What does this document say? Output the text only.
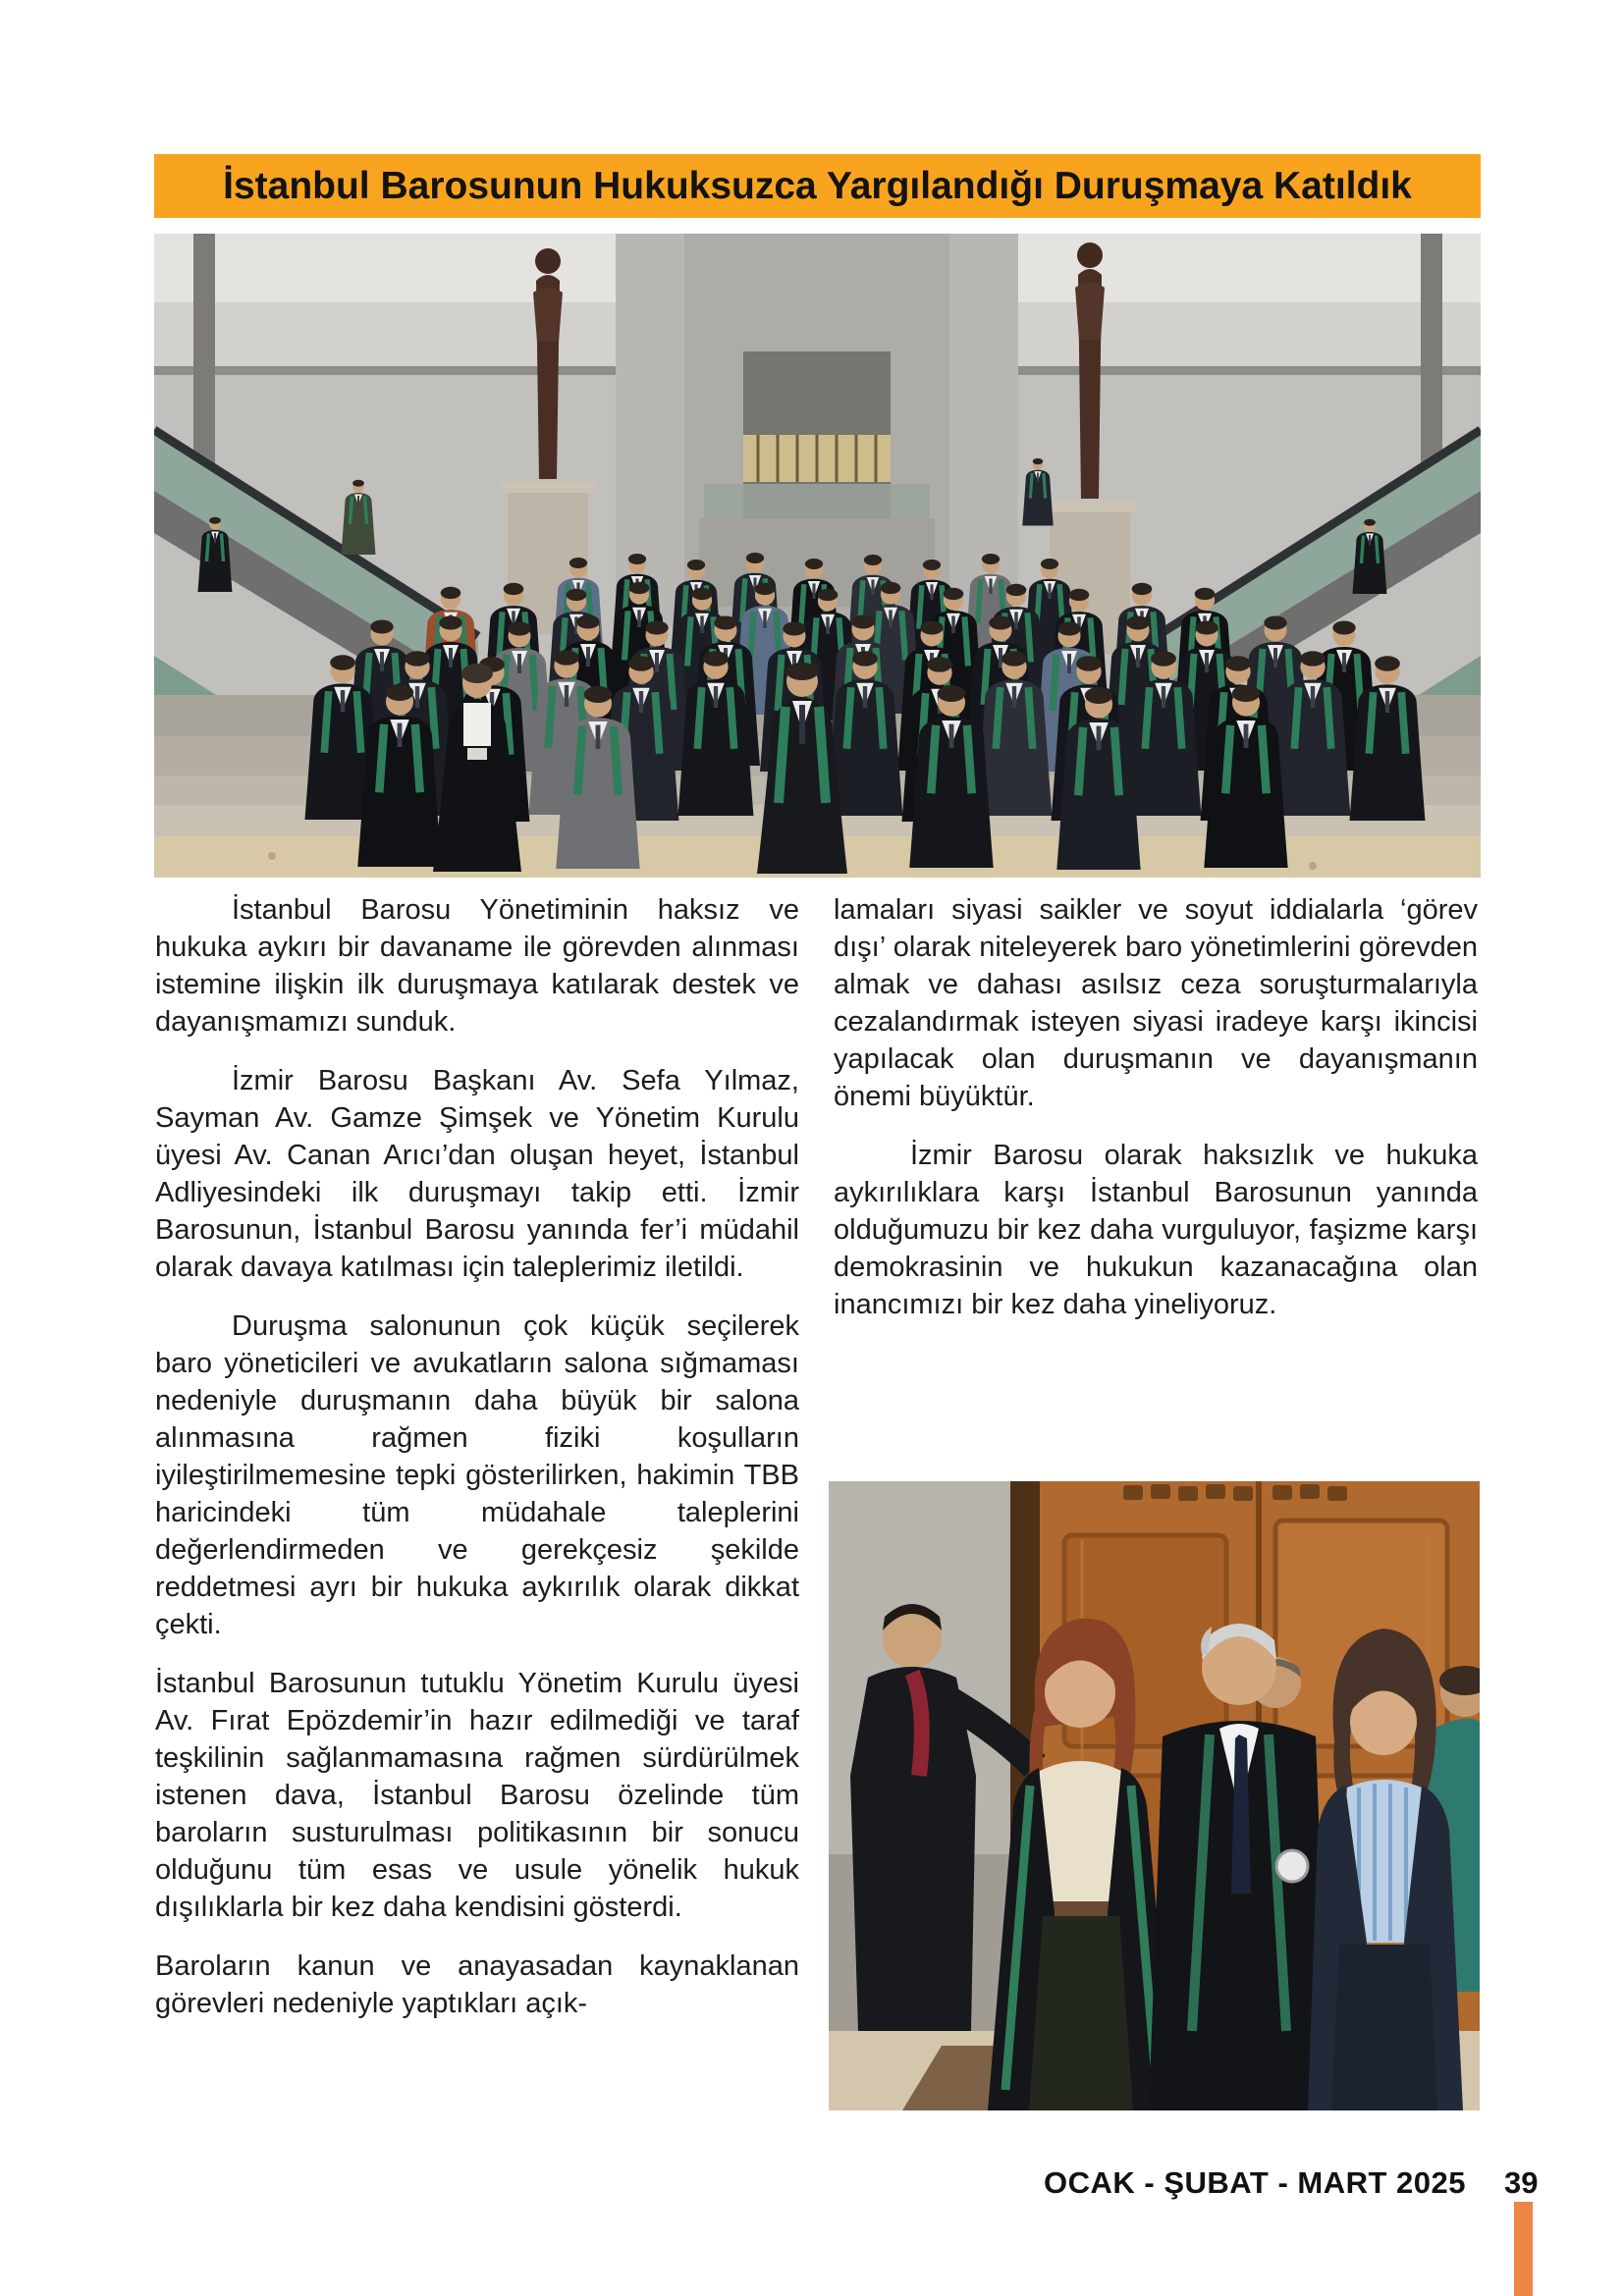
İstanbul Barosunun Hukuksuzca Yargılandığı Duruşmaya Katıldık

İstanbul Barosu Yönetiminin haksız ve hukuka aykırı bir davaname ile görevden alınması istemine ilişkin ilk duruşmaya katılarak destek ve dayanışmamızı sunduk.

İzmir Barosu Başkanı Av. Sefa Yılmaz, Sayman Av. Gamze Şimşek ve Yönetim Kurulu üyesi Av. Canan Arıcı’dan oluşan heyet, İstanbul Adliyesindeki ilk duruşmayı takip etti. İzmir Barosunun, İstanbul Barosu yanında fer’i müdahil olarak davaya katılması için taleplerimiz iletildi.

Duruşma salonunun çok küçük seçilerek baro yöneticileri ve avukatların salona sığmaması nedeniyle duruşmanın daha büyük bir salona alınmasına rağmen fiziki koşulların iyileştirilmemesine tepki gösterilirken, hakimin TBB haricindeki tüm müdahale taleplerini değerlendirmeden ve gerekçesiz şekilde reddetmesi ayrı bir hukuka aykırılık olarak dikkat çekti.

İstanbul Barosunun tutuklu Yönetim Kurulu üyesi Av. Fırat Epözdemir’in hazır edilmediği ve taraf teşkilinin sağlanmamasına rağmen sürdürülmek istenen dava, İstanbul Barosu özelinde tüm baroların susturulması politikasının bir sonucu olduğunu tüm esas ve usule yönelik hukuk dışılıklarla bir kez daha kendisini gösterdi.

Baroların kanun ve anayasadan kaynaklanan görevleri nedeniyle yaptıkları açık-

lamaları siyasi saikler ve soyut iddialarla ‘görev dışı’ olarak niteleyerek baro yönetimlerini görevden almak ve dahası asılsız ceza soruşturmalarıyla cezalandırmak isteyen siyasi iradeye karşı ikincisi yapılacak olan duruşmanın ve dayanışmanın önemi büyüktür.

İzmir Barosu olarak haksızlık ve hukuka aykırılıklara karşı İstanbul Barosunun yanında olduğumuzu bir kez daha vurguluyor, faşizme karşı demokrasinin ve hukukun kazanacağına olan inancımızı bir kez daha yineliyoruz.

OCAK - ŞUBAT - MART 2025 39
